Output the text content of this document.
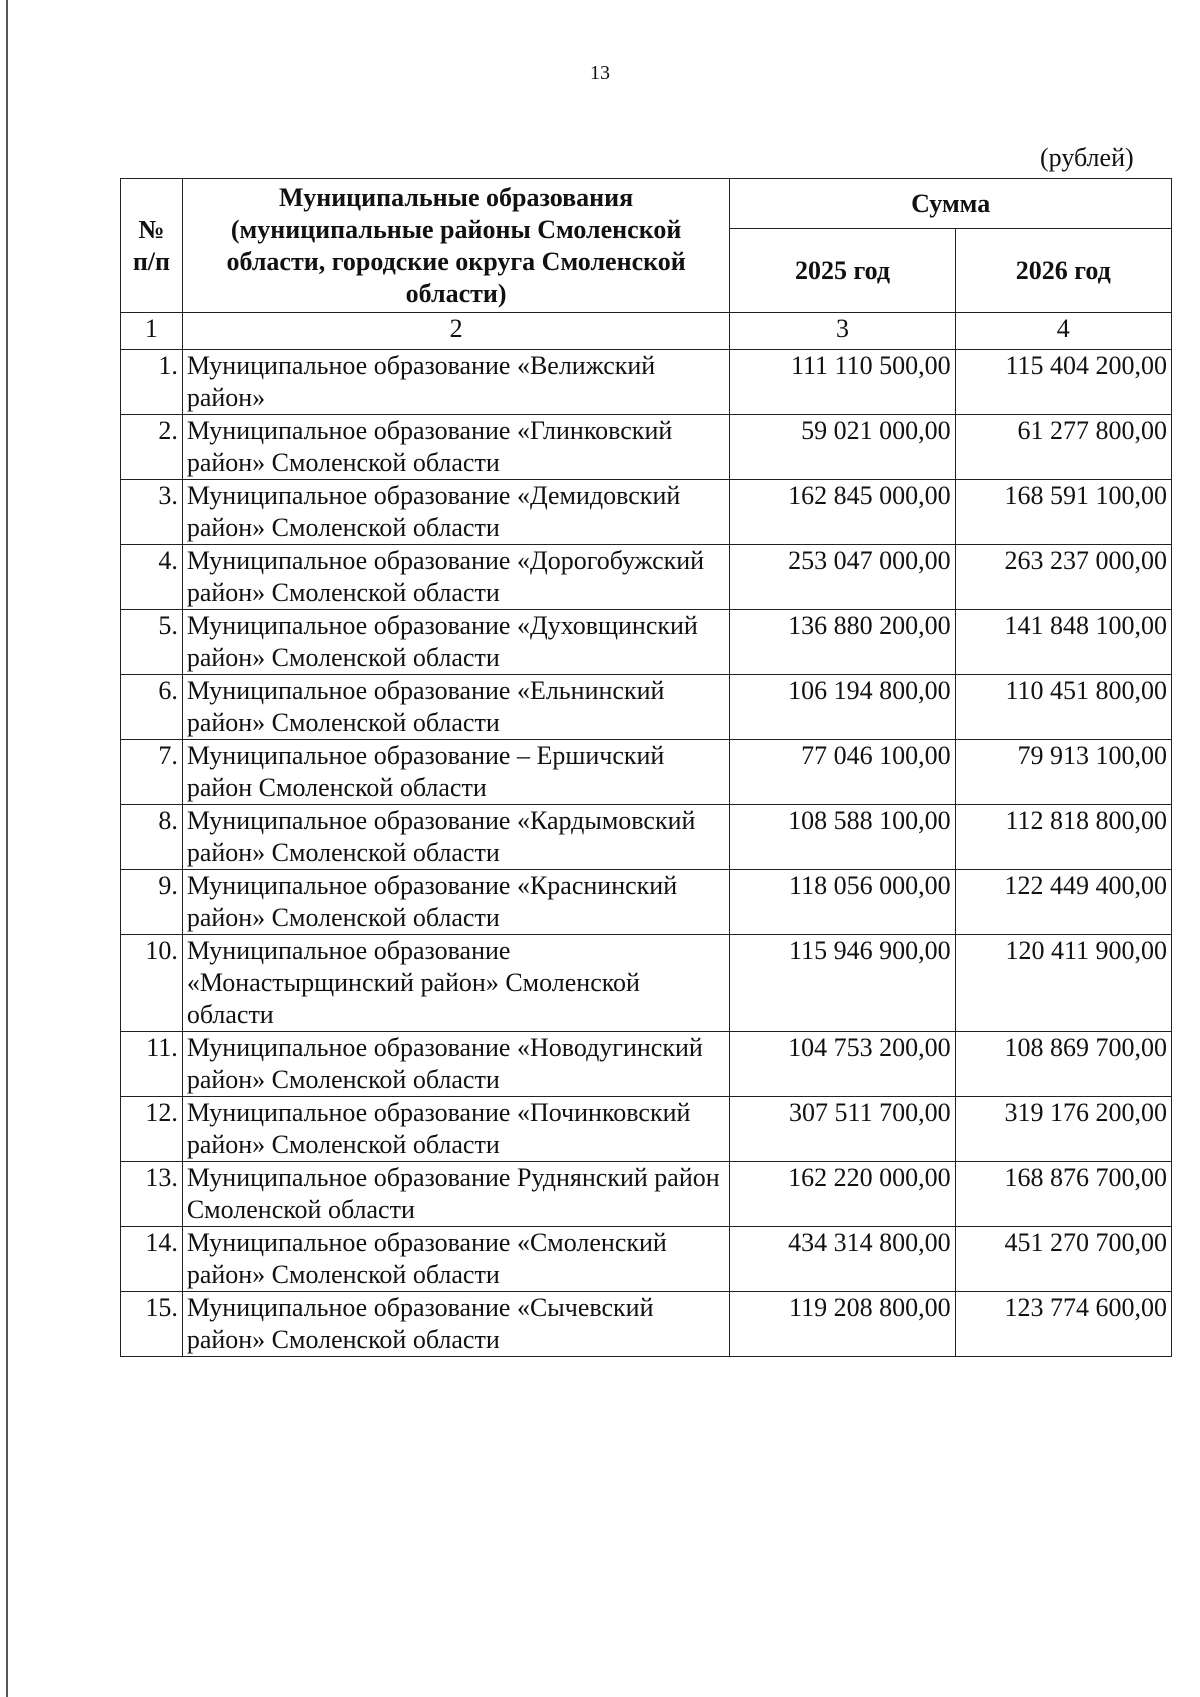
13
(рублей)
№ п/п	Муниципальные образования (муниципальные районы Смоленской области, городские округа Смоленской области)	Сумма	
		2025 год	2026 год
1	2	3	4
1.	Муниципальное образование «Велижский район»	111 110 500,00	115 404 200,00
2.	Муниципальное образование «Глинковский район» Смоленской области	59 021 000,00	61 277 800,00
3.	Муниципальное образование «Демидовский район» Смоленской области	162 845 000,00	168 591 100,00
4.	Муниципальное образование «Дорогобужский район» Смоленской области	253 047 000,00	263 237 000,00
5.	Муниципальное образование «Духовщинский район» Смоленской области	136 880 200,00	141 848 100,00
6.	Муниципальное образование «Ельнинский район» Смоленской области	106 194 800,00	110 451 800,00
7.	Муниципальное образование – Ершичский район Смоленской области	77 046 100,00	79 913 100,00
8.	Муниципальное образование «Кардымовский район» Смоленской области	108 588 100,00	112 818 800,00
9.	Муниципальное образование «Краснинский район» Смоленской области	118 056 000,00	122 449 400,00
10.	Муниципальное образование «Монастырщинский район» Смоленской области	115 946 900,00	120 411 900,00
11.	Муниципальное образование «Новодугинский район» Смоленской области	104 753 200,00	108 869 700,00
12.	Муниципальное образование «Починковский район» Смоленской области	307 511 700,00	319 176 200,00
13.	Муниципальное образование Руднянский район Смоленской области	162 220 000,00	168 876 700,00
14.	Муниципальное образование «Смоленский район» Смоленской области	434 314 800,00	451 270 700,00
15.	Муниципальное образование «Сычевский район» Смоленской области	119 208 800,00	123 774 600,00
